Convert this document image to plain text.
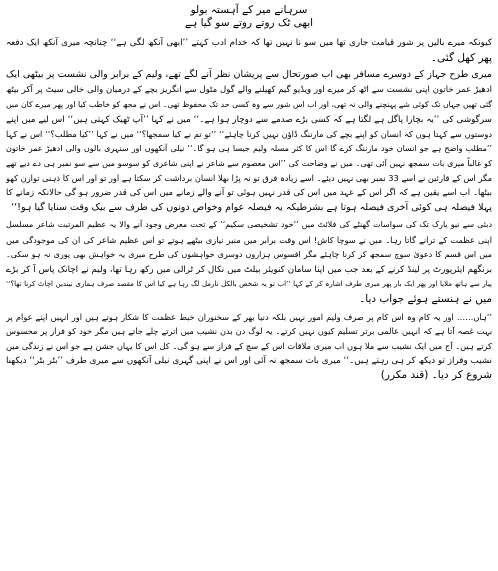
سرہانے میر کے آہستہ بولو
ابھی ٹک روتے روتے سو گیا ہے
کیونکہ میرے بالیں پر شور قیامت جاری تھا میں سو نا نہیں تھا کہ خدام ادب کہتے ’’ابھی آنکھ لگی ہے‘‘ چنانچہ میری آنکھ ایک دفعہ
پھر کھل گئی۔
میری طرح جہاز کے دوسرے مسافر بھی اب صورتحال سے پریشان نظر آنے لگے تھے، ولیم کے برابر والی نشست پر بیٹھی ایک
ادھیڑ عمر خاتون اپنی نشست سے اٹھ کر میرے اور ویڈیو گیم کھیلنے والے گول مٹول سے انگریز بچے کے درمیان والی خالی سیٹ پر آکر بیٹھ
گئی تھیں جہاں تک کوئی شے پہنچنے والی نہ تھی، اور اب اس شور سے وہ کسی حد تک محفوظ تھی۔ اس نے مجھ کو خاطب کیا اور پھر میرے کان میں
سرگوشی کی ’’یہ بچارا پاگل ہے لگتا ہے کہ کسی بڑے صدمے سے دوچار ہوا ہے۔‘‘ میں نے کہا ’’آپ ٹھیک کہتی ہیں‘‘ اس لیے میں اپنے
دوستوں سے کہتا ہوں کہ انسان کو اپنے بچے کی مارننگ ڈاؤن نہیں کرنا چاہئے‘‘ ’’تو تم نے کیا سمجھا؟‘‘ میں نے کہا ’’کیا مطلب؟‘‘ اس نے کہا
’’مطلب واضح ہے جو انسان خود مارننگ کرے گا اس کا کثر مسلہ ولیم جیسا ہی ہو گا۔‘‘ نیلی آنکھوں اور سنہری بالوں والی ادھیڑ عمر خاتون
کو غالباً میری بات سمجھ نہیں آئی تھی۔ میں نے وضاحت کی ’’اس معصوم سے شاعر نے اپنی شاعری کو سوسو میں سے سو نمبر ہی دے دیے تھے
مگر اس کے قارئین نے اسے 33 نمبر بھی نہیں دیئے۔ اسے زیادہ فرق تو نہ پڑا بھلا انسان برداشت کر سکتا ہے اور تو اور اس کا ذہنی توازن کھو
بیٹھا۔ اب اسے یقین ہے کہ اگر اس کے عہد میں اس کی قدر نہیں ہوئی تو آنے والے زمانے میں اس کی قدر ضرور ہو گی حالانکہ زمانے کا
پہلا فیصلہ ہی کوئی آخری فیصلہ ہوتا ہے بشرطیکہ یہ فیصلہ عوام وخواص دونوں کی طرف سے بیک وقت سنایا گیا ہو!‘‘
دبئی سے نیو یارک تک کی سواسات گھنٹے کی فلائٹ میں ’’خود تشخیصی سکیم‘‘ کے تحت معرض وجود آنے والا یہ عظیم المرتبت شاعر مسلسل
اپنی عظمت کے ترانے گاتا رہا۔ میں نے سوچا کاش! اس وقت برابر میں منیر نیازی بیٹھے ہوتے تو اس عظیم شاعر کی ان کی موجودگی میں
میں اس قسم کا دعویٰ سوچ سمجھ کر کرنا چاہئے مگر افسوس ہزاروں دوسری خواہشوں کی طرح میری یہ خواہش بھی پوری نہ ہو سکی۔
برنگھم ایئرپورٹ پر لینڈ کرنے کے بعد جب میں اپنا سامان کنویئر بیلٹ میں نکال کر ٹرالی میں رکھ رہا تھا، ولیم نے اچانک پاس آ کر بڑے
پیار سے ہاتھ ملایا اور پھر ایک بار پھر میری طرف اشارہ کر کے کہا ’’اب تو یہ شخص بالکل نارمل لگ رہا ہے کیا اس کا مقصد صرف ہماری نیندیں اچاٹ کرنا تھا؟‘‘
میں نے ہنستے ہوئے جواب دیا۔
’’ہاں…… اور یہ کام وہ اس کام پر صرف ولیم امور نہیں بلکہ دنیا بھر کے سخنوران خبط عظمت کا شکار ہوتے ہیں اور انہیں اپنے عوام پر
بہت غصہ آتا ہے کہ انہیں عالمی برتر تسلیم کیوں نہیں کرتے۔ یہ لوگ دن بدن نشیب میں اترتے چلے جاتے ہیں مگر خود کو فراز پر محسوس
کرتے ہیں۔ آج میں ایک نشیب سے ملا ہوں اب میری ملاقات اس کے سچ کے فراز سے ہو گی۔ کل اس کا یہاں جشن ہے جو اس نے زندگی میں
نشیب وفراز تو دیکھ کر ہی رہتے ہیں۔‘‘ میری بات سمجھ نہ آئی اور اس نے اپنی گہری نیلی آنکھوں سے میری طرف ’’بٹر بٹر‘‘ دیکھنا
شروع کر دیا۔ (قند مکرر)
